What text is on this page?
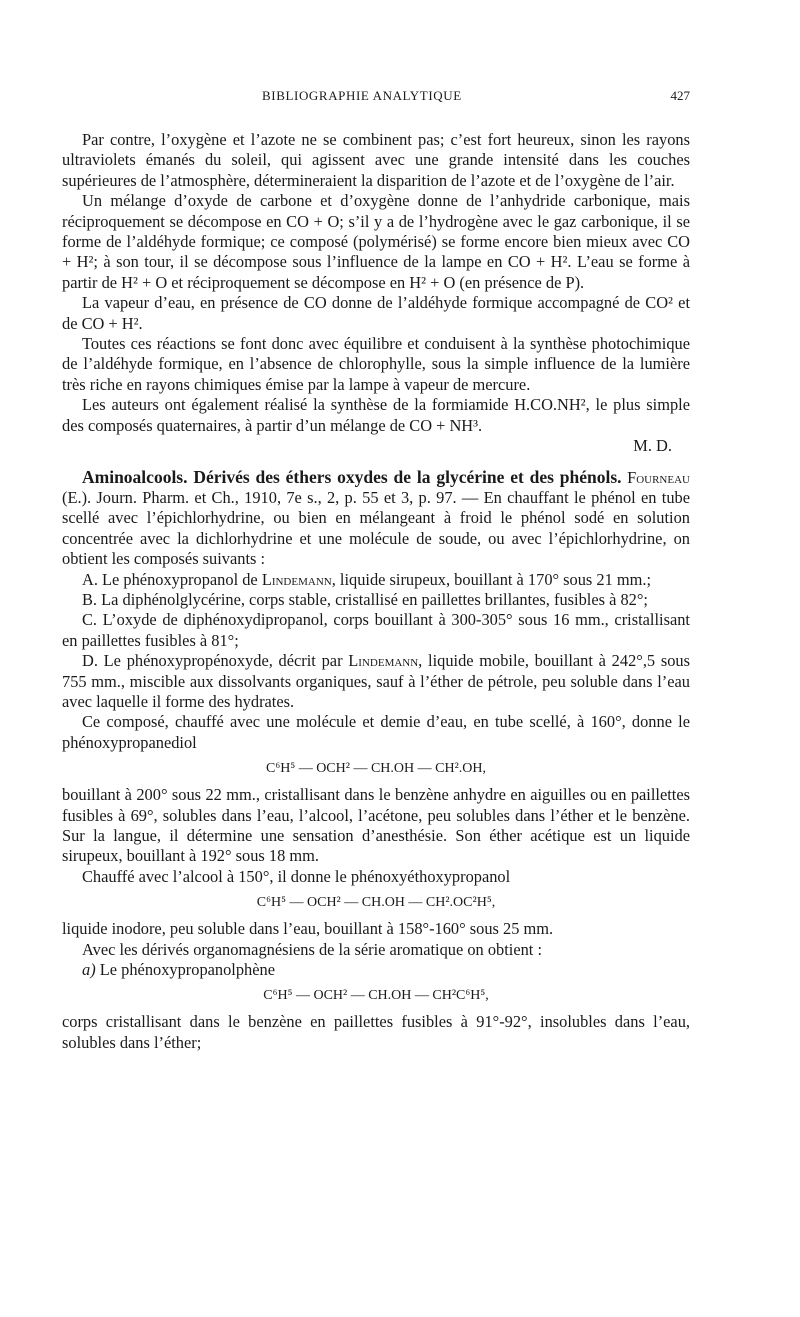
BIBLIOGRAPHIE ANALYTIQUE	427

Par contre, l’oxygène et l’azote ne se combinent pas; c’est fort heureux, sinon les rayons ultraviolets émanés du soleil, qui agissent avec une grande intensité dans les couches supérieures de l’atmosphère, détermineraient la disparition de l’azote et de l’oxygène de l’air.

Un mélange d’oxyde de carbone et d’oxygène donne de l’anhydride carbonique, mais réciproquement se décompose en CO + O; s’il y a de l’hydrogène avec le gaz carbonique, il se forme de l’aldéhyde formique; ce composé (polymérisé) se forme encore bien mieux avec CO + H²; à son tour, il se décompose sous l’influence de la lampe en CO + H². L’eau se forme à partir de H² + O et réciproquement se décompose en H² + O (en présence de P).

La vapeur d’eau, en présence de CO donne de l’aldéhyde formique accompagné de CO² et de CO + H².

Toutes ces réactions se font donc avec équilibre et conduisent à la synthèse photochimique de l’aldéhyde formique, en l’absence de chlorophylle, sous la simple influence de la lumière très riche en rayons chimiques émise par la lampe à vapeur de mercure.

Les auteurs ont également réalisé la synthèse de la formiamide H.CO.NH², le plus simple des composés quaternaires, à partir d’un mélange de CO + NH³.

M. D.

Aminoalcools. Dérivés des éthers oxydes de la glycérine et des phénols. Fourneau (E.). Journ. Pharm. et Ch., 1910, 7e s., 2, p. 55 et 3, p. 97. — En chauffant le phénol en tube scellé avec l’épichlorhydrine, ou bien en mélangeant à froid le phénol sodé en solution concentrée avec la dichlorhydrine et une molécule de soude, ou avec l’épichlorhydrine, on obtient les composés suivants :

A. Le phénoxypropanol de Lindemann, liquide sirupeux, bouillant à 170° sous 21 mm.;

B. La diphénolglycérine, corps stable, cristallisé en paillettes brillantes, fusibles à 82°;

C. L’oxyde de diphénoxydipropanol, corps bouillant à 300-305° sous 16 mm., cristallisant en paillettes fusibles à 81°;

D. Le phénoxypropénoxyde, décrit par Lindemann, liquide mobile, bouillant à 242°,5 sous 755 mm., miscible aux dissolvants organiques, sauf à l’éther de pétrole, peu soluble dans l’eau avec laquelle il forme des hydrates.

Ce composé, chauffé avec une molécule et demie d’eau, en tube scellé, à 160°, donne le phénoxypropanediol

C⁶H⁵ — OCH² — CH.OH — CH².OH,

bouillant à 200° sous 22 mm., cristallisant dans le benzène anhydre en aiguilles ou en paillettes fusibles à 69°, solubles dans l’eau, l’alcool, l’acétone, peu solubles dans l’éther et le benzène. Sur la langue, il détermine une sensation d’anesthésie. Son éther acétique est un liquide sirupeux, bouillant à 192° sous 18 mm.

Chauffé avec l’alcool à 150°, il donne le phénoxyéthoxypropanol

C⁶H⁵ — OCH² — CH.OH — CH².OC²H⁵,

liquide inodore, peu soluble dans l’eau, bouillant à 158°-160° sous 25 mm.

Avec les dérivés organomagnésiens de la série aromatique on obtient :

a) Le phénoxypropanolphène

C⁶H⁵ — OCH² — CH.OH — CH²C⁶H⁵,

corps cristallisant dans le benzène en paillettes fusibles à 91°-92°, insolubles dans l’eau, solubles dans l’éther;
